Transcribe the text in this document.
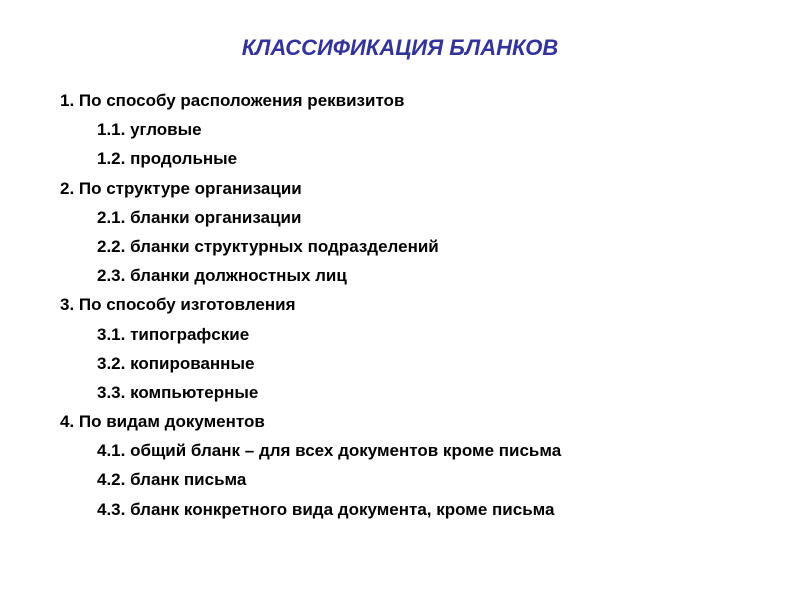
КЛАССИФИКАЦИЯ БЛАНКОВ
1. По способу расположения реквизитов
1.1. угловые
1.2. продольные
2. По структуре организации
2.1. бланки организации
2.2. бланки структурных подразделений
2.3. бланки должностных лиц
3. По способу изготовления
3.1. типографские
3.2. копированные
3.3. компьютерные
4. По видам документов
4.1. общий бланк – для всех документов кроме письма
4.2. бланк письма
4.3. бланк конкретного вида документа, кроме письма
